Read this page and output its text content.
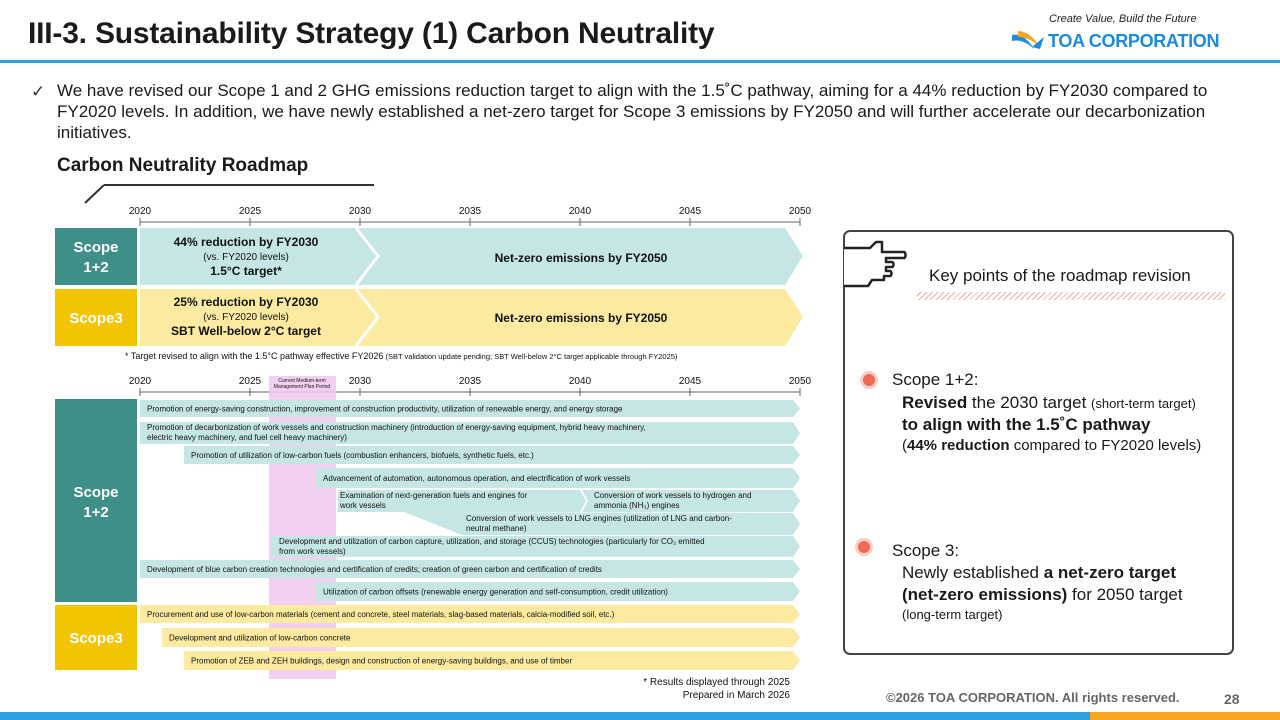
III-3. Sustainability Strategy (1) Carbon Neutrality	Create Value, Build the Future
TOA CORPORATION
✓ We have revised our Scope 1 and 2 GHG emissions reduction target to align with the 1.5˚C pathway, aiming for a 44% reduction by FY2030 compared to FY2020 levels. In addition, we have newly established a net-zero target for Scope 3 emissions by FY2050 and will further accelerate our decarbonization initiatives.
Carbon Neutrality Roadmap
2020	2025	2030	2035	2040	2045	2050
Scope
1+2
44% reduction by FY2030
(vs. FY2020 levels)
1.5°C target*
Net-zero emissions by FY2050
Scope3
25% reduction by FY2030
(vs. FY2020 levels)
SBT Well-below 2°C target
Net-zero emissions by FY2050
* Target revised to align with the 1.5°C pathway effective FY2026 (SBT validation update pending; SBT Well-below 2°C target applicable through FY2025)
2020	2025	2030	2035	2040	2045	2050
Current Medium-term
Management Plan Period
Scope
1+2
Scope3
Promotion of energy-saving construction, improvement of construction productivity, utilization of renewable energy, and energy storage
Promotion of decarbonization of work vessels and construction machinery (introduction of energy-saving equipment, hybrid heavy machinery,
electric heavy machinery, and fuel cell heavy machinery)
Promotion of utilization of low-carbon fuels (combustion enhancers, biofuels, synthetic fuels, etc.)
Advancement of automation, autonomous operation, and electrification of work vessels
Examination of next-generation fuels and engines for
work vessels
Conversion of work vessels to hydrogen and
ammonia (NH₃) engines
Conversion of work vessels to LNG engines (utilization of LNG and carbon-
neutral methane)
Development and utilization of carbon capture, utilization, and storage (CCUS) technologies (particularly for CO₂ emitted
from work vessels)
Development of blue carbon creation technologies and certification of credits; creation of green carbon and certification of credits
Utilization of carbon offsets (renewable energy generation and self-consumption, credit utilization)
Procurement and use of low-carbon materials (cement and concrete, steel materials, slag-based materials, calcia-modified soil, etc.)
Development and utilization of low-carbon concrete
Promotion of ZEB and ZEH buildings, design and construction of energy-saving buildings, and use of timber
* Results displayed through 2025
Prepared in March 2026
Key points of the roadmap revision
Scope 1+2:
Revised the 2030 target (short-term target)
to align with the 1.5˚C pathway
(44% reduction compared to FY2020 levels)
Scope 3:
Newly established a net-zero target
(net-zero emissions) for 2050 target
(long-term target)
©2026 TOA CORPORATION. All rights reserved.	28
